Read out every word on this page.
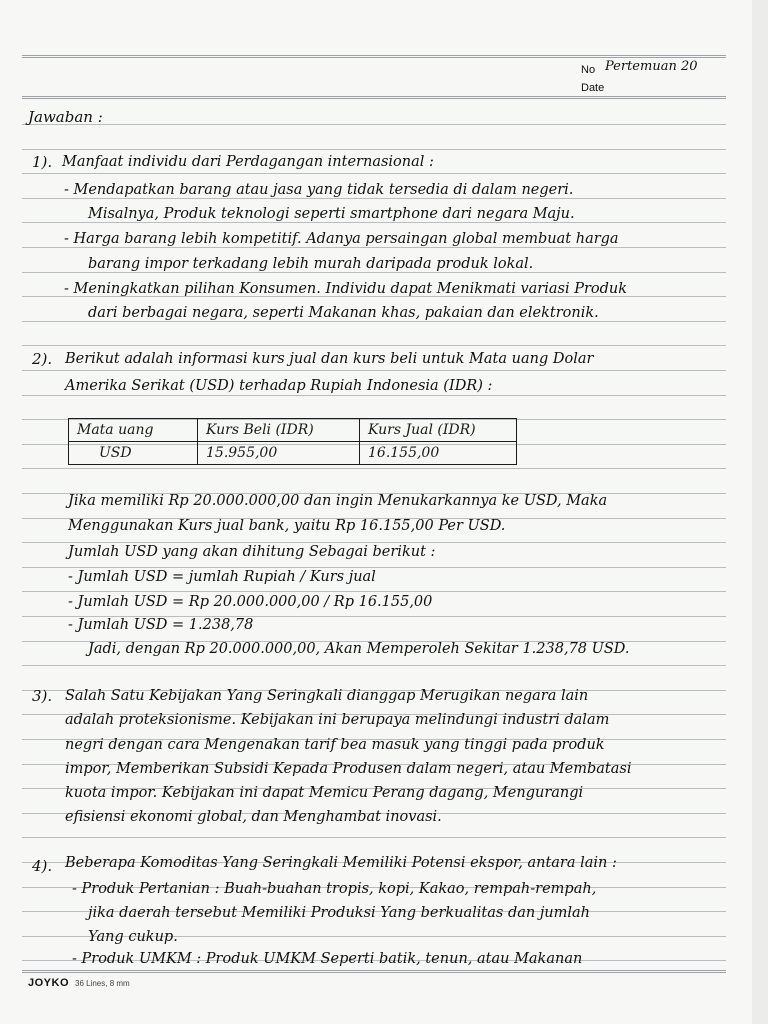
No Pertemuan 20
Date
Jawaban :
1). Manfaat individu dari Perdagangan internasional :
- Mendapatkan barang atau jasa yang tidak tersedia di dalam negeri.
Misalnya, Produk teknologi seperti smartphone dari negara Maju.
- Harga barang lebih kompetitif. Adanya persaingan global membuat harga
barang impor terkadang lebih murah daripada produk lokal.
- Meningkatkan pilihan Konsumen. Individu dapat Menikmati variasi Produk
dari berbagai negara, seperti Makanan khas, pakaian dan elektronik.
2). Berikut adalah informasi kurs jual dan kurs beli untuk Mata uang Dolar
Amerika Serikat (USD) terhadap Rupiah Indonesia (IDR) :
Mata uang	Kurs Beli (IDR)	Kurs Jual (IDR)
USD	15.955,00	16.155,00
Jika memiliki Rp 20.000.000,00 dan ingin Menukarkannya ke USD, Maka
Menggunakan Kurs jual bank, yaitu Rp 16.155,00 Per USD.
Jumlah USD yang akan dihitung Sebagai berikut :
- Jumlah USD = jumlah Rupiah / Kurs jual
- Jumlah USD = Rp 20.000.000,00 / Rp 16.155,00
- Jumlah USD = 1.238,78
Jadi, dengan Rp 20.000.000,00, Akan Memperoleh Sekitar 1.238,78 USD.
3). Salah Satu Kebijakan Yang Seringkali dianggap Merugikan negara lain
adalah proteksionisme. Kebijakan ini berupaya melindungi industri dalam
negri dengan cara Mengenakan tarif bea masuk yang tinggi pada produk
impor, Memberikan Subsidi Kepada Produsen dalam negeri, atau Membatasi
kuota impor. Kebijakan ini dapat Memicu Perang dagang, Mengurangi
efisiensi ekonomi global, dan Menghambat inovasi.
4). Beberapa Komoditas Yang Seringkali Memiliki Potensi ekspor, antara lain :
- Produk Pertanian : Buah-buahan tropis, kopi, Kakao, rempah-rempah,
jika daerah tersebut Memiliki Produksi Yang berkualitas dan jumlah
Yang cukup.
- Produk UMKM : Produk UMKM Seperti batik, tenun, atau Makanan
JOYKO 36 Lines, 8 mm
